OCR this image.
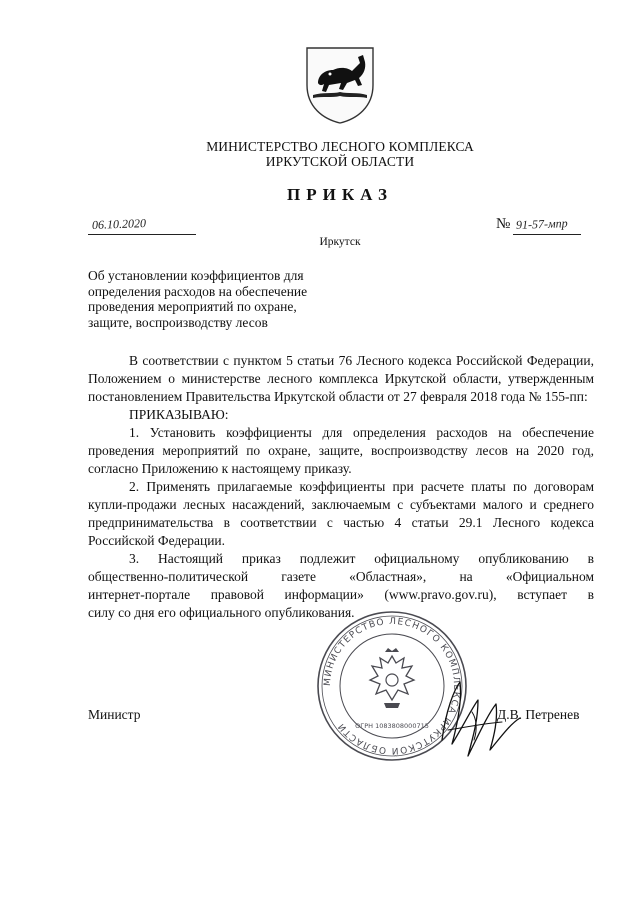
МИНИСТЕРСТВО ЛЕСНОГО КОМПЛЕКСА
ИРКУТСКОЙ ОБЛАСТИ
ПРИКАЗ
06.10.2020	№ 91-57-мпр
Иркутск
Об установлении коэффициентов для
определения расходов на обеспечение
проведения мероприятий по охране,
защите, воспроизводству лесов

В соответствии с пунктом 5 статьи 76 Лесного кодекса Российской Федерации, Положением о министерстве лесного комплекса Иркутской области, утвержденным постановлением Правительства Иркутской области от 27 февраля 2018 года № 155-пп:

ПРИКАЗЫВАЮ:

1. Установить коэффициенты для определения расходов на обеспечение проведения мероприятий по охране, защите, воспроизводству лесов на 2020 год, согласно Приложению к настоящему приказу.

2. Применять прилагаемые коэффициенты при расчете платы по договорам купли-продажи лесных насаждений, заключаемым с субъектами малого и среднего предпринимательства в соответствии с частью 4 статьи 29.1 Лесного кодекса Российской Федерации.

3. Настоящий приказ подлежит официальному опубликованию в
общественно-политической газете «Областная», на «Официальном
интернет-портале правовой информации» (www.pravo.gov.ru), вступает в
силу со дня его официального опубликования.
Министр	Д.В. Петренев
МИНИСТЕРСТВО ЛЕСНОГО КОМПЛЕКСА ИРКУТСКОЙ ОБЛАСТИ ОГРН 1083808000715
